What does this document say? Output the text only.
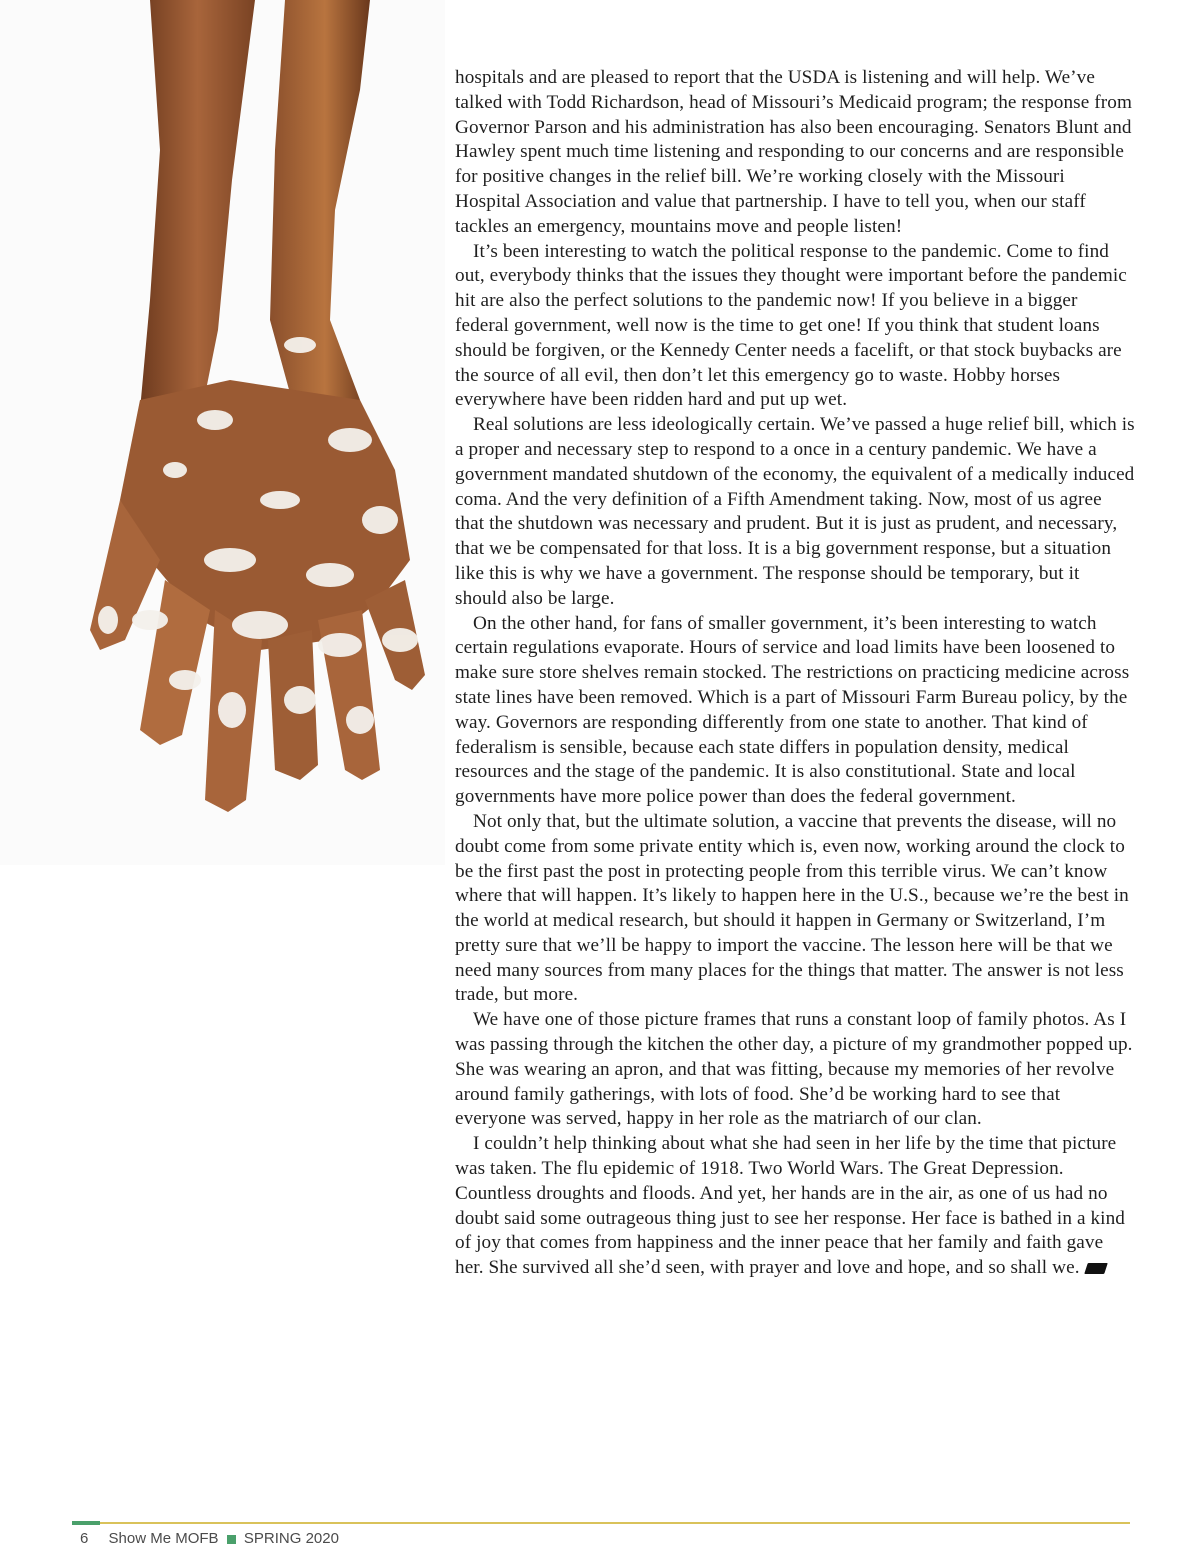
hospitals and are pleased to report that the USDA is listening and will help. We’ve talked with Todd Richardson, head of Missouri’s Medicaid program; the response from Governor Parson and his administration has also been encouraging. Senators Blunt and Hawley spent much time listening and responding to our concerns and are responsible for positive changes in the relief bill. We’re working closely with the Missouri Hospital Association and value that partnership. I have to tell you, when our staff tackles an emergency, mountains move and people listen!

It’s been interesting to watch the political response to the pandemic. Come to find out, everybody thinks that the issues they thought were important before the pandemic hit are also the perfect solutions to the pandemic now! If you believe in a bigger federal government, well now is the time to get one! If you think that student loans should be forgiven, or the Kennedy Center needs a facelift, or that stock buybacks are the source of all evil, then don’t let this emergency go to waste. Hobby horses everywhere have been ridden hard and put up wet.

Real solutions are less ideologically certain. We’ve passed a huge relief bill, which is a proper and necessary step to respond to a once in a century pandemic. We have a government mandated shutdown of the economy, the equivalent of a medically induced coma. And the very definition of a Fifth Amendment taking. Now, most of us agree that the shutdown was necessary and prudent. But it is just as prudent, and necessary, that we be compensated for that loss. It is a big government response, but a situation like this is why we have a government. The response should be temporary, but it should also be large.

On the other hand, for fans of smaller government, it’s been interesting to watch certain regulations evaporate. Hours of service and load limits have been loosened to make sure store shelves remain stocked. The restrictions on practicing medicine across state lines have been removed. Which is a part of Missouri Farm Bureau policy, by the way. Governors are responding differently from one state to another. That kind of federalism is sensible, because each state differs in population density, medical resources and the stage of the pandemic. It is also constitutional. State and local governments have more police power than does the federal government.

Not only that, but the ultimate solution, a vaccine that prevents the disease, will no doubt come from some private entity which is, even now, working around the clock to be the first past the post in protecting people from this terrible virus. We can’t know where that will happen. It’s likely to happen here in the U.S., because we’re the best in the world at medical research, but should it happen in Germany or Switzerland, I’m pretty sure that we’ll be happy to import the vaccine. The lesson here will be that we need many sources from many places for the things that matter. The answer is not less trade, but more.

We have one of those picture frames that runs a constant loop of family photos. As I was passing through the kitchen the other day, a picture of my grandmother popped up. She was wearing an apron, and that was fitting, because my memories of her revolve around family gatherings, with lots of food. She’d be working hard to see that everyone was served, happy in her role as the matriarch of our clan.

I couldn’t help thinking about what she had seen in her life by the time that picture was taken. The flu epidemic of 1918. Two World Wars. The Great Depression. Countless droughts and floods. And yet, her hands are in the air, as one of us had no doubt said some outrageous thing just to see her response. Her face is bathed in a kind of joy that comes from happiness and the inner peace that her family and faith gave her. She survived all she’d seen, with prayer and love and hope, and so shall we.

6 Show Me MOFB SPRING 2020
